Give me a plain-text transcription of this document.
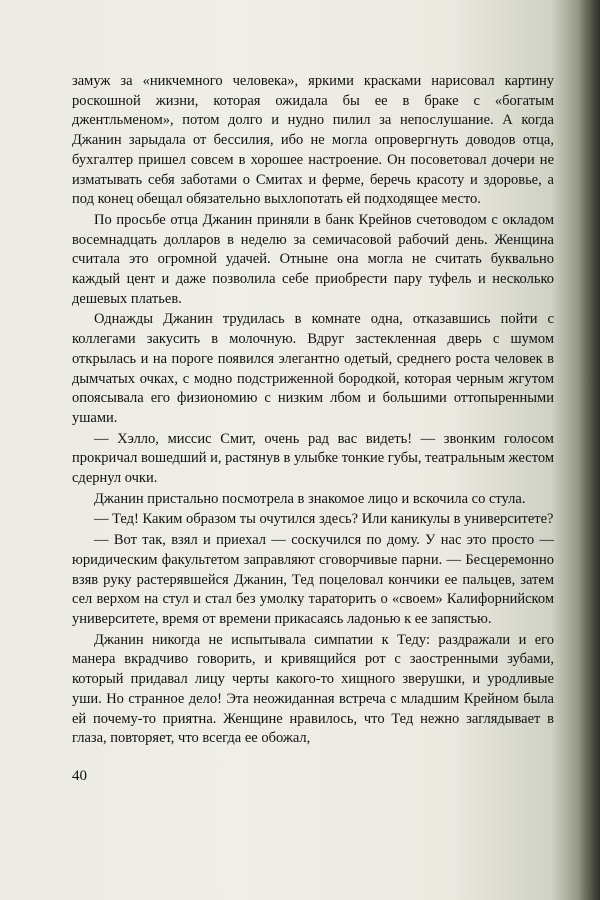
замуж за «никчемного человека», яркими красками нарисовал картину роскошной жизни, которая ожидала бы ее в браке с «богатым джентльменом», потом долго и нудно пилил за непослушание. А когда Джанин зарыдала от бессилия, ибо не могла опровергнуть доводов отца, бухгалтер пришел совсем в хорошее настроение. Он посоветовал дочери не изматывать себя заботами о Смитах и ферме, беречь красоту и здоровье, а под конец обещал обязательно выхлопотать ей подходящее место.

По просьбе отца Джанин приняли в банк Крейнов счетоводом с окладом восемнадцать долларов в неделю за семичасовой рабочий день. Женщина считала это огромной удачей. Отныне она могла не считать буквально каждый цент и даже позволила себе приобрести пару туфель и несколько дешевых платьев.

Однажды Джанин трудилась в комнате одна, отказавшись пойти с коллегами закусить в молочную. Вдруг застекленная дверь с шумом открылась и на пороге появился элегантно одетый, среднего роста человек в дымчатых очках, с модно подстриженной бородкой, которая черным жгутом опоясывала его физиономию с низким лбом и большими оттопыренными ушами.

— Хэлло, миссис Смит, очень рад вас видеть! — звонким голосом прокричал вошедший и, растянув в улыбке тонкие губы, театральным жестом сдернул очки.

Джанин пристально посмотрела в знакомое лицо и вскочила со стула.

— Тед! Каким образом ты очутился здесь? Или каникулы в университете?

— Вот так, взял и приехал — соскучился по дому. У нас это просто — юридическим факультетом заправляют сговорчивые парни. — Бесцеремонно взяв руку растерявшейся Джанин, Тед поцеловал кончики ее пальцев, затем сел верхом на стул и стал без умолку тараторить о «своем» Калифорнийском университете, время от времени прикасаясь ладонью к ее запястью.

Джанин никогда не испытывала симпатии к Теду: раздражали и его манера вкрадчиво говорить, и кривящийся рот с заостренными зубами, который придавал лицу черты какого-то хищного зверушки, и уродливые уши. Но странное дело! Эта неожиданная встреча с младшим Крейном была ей почему-то приятна. Женщине нравилось, что Тед нежно заглядывает в глаза, повторяет, что всегда ее обожал,

40
